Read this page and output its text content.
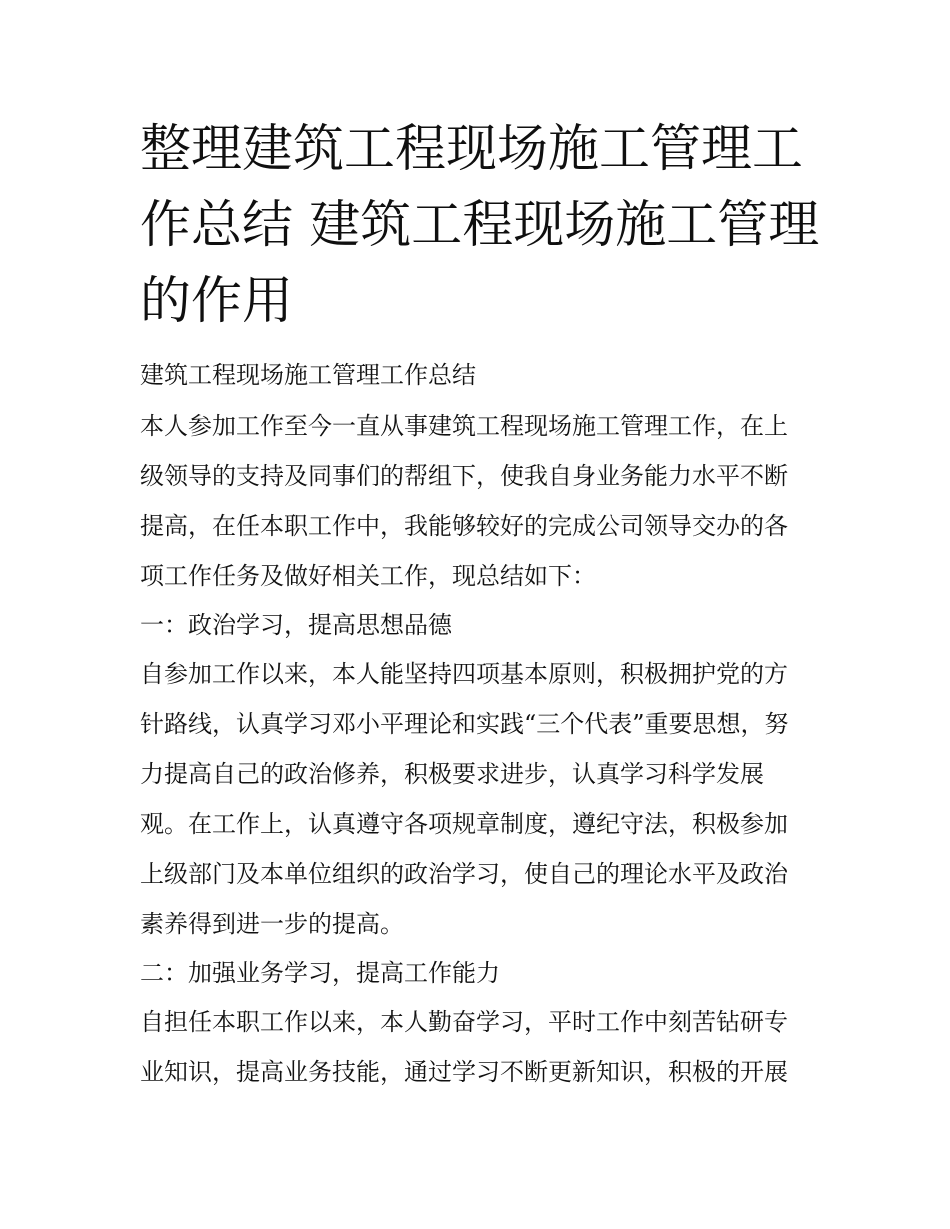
整理建筑工程现场施工管理工
作总结 建筑工程现场施工管理
的作用

建筑工程现场施工管理工作总结

本人参加工作至今一直从事建筑工程现场施工管理工作，在上
级领导的支持及同事们的帮组下，使我自身业务能力水平不断
提高，在任本职工作中，我能够较好的完成公司领导交办的各
项工作任务及做好相关工作，现总结如下：

一：政治学习，提高思想品德

自参加工作以来，本人能坚持四项基本原则，积极拥护党的方
针路线，认真学习邓小平理论和实践“三个代表”重要思想，努
力提高自己的政治修养，积极要求进步，认真学习科学发展
观。在工作上，认真遵守各项规章制度，遵纪守法，积极参加
上级部门及本单位组织的政治学习，使自己的理论水平及政治
素养得到进一步的提高。

二：加强业务学习，提高工作能力

自担任本职工作以来，本人勤奋学习，平时工作中刻苦钻研专
业知识，提高业务技能，通过学习不断更新知识，积极的开展
